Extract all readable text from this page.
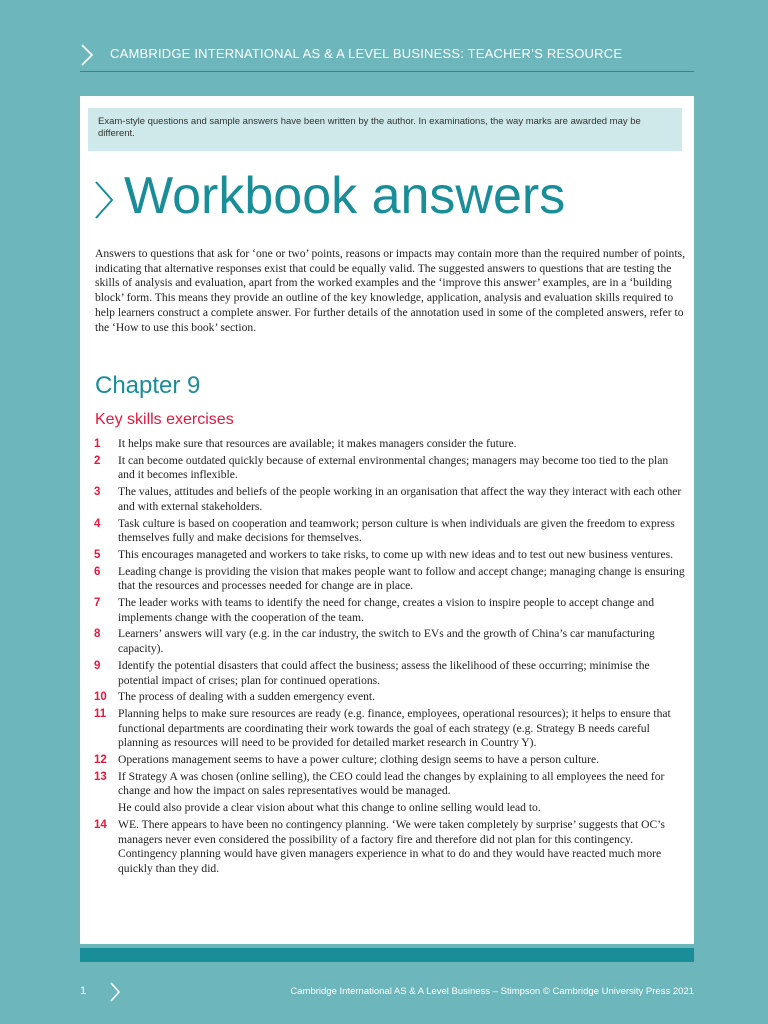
CAMBRIDGE INTERNATIONAL AS & A LEVEL BUSINESS: TEACHER’S RESOURCE
Exam-style questions and sample answers have been written by the author. In examinations, the way marks are awarded may be different.
Workbook answers

Answers to questions that ask for ‘one or two’ points, reasons or impacts may contain more than the required number of points, indicating that alternative responses exist that could be equally valid. The suggested answers to questions that are testing the skills of analysis and evaluation, apart from the worked examples and the ‘improve this answer’ examples, are in a ‘building block’ form. This means they provide an outline of the key knowledge, application, analysis and evaluation skills required to help learners construct a complete answer. For further details of the annotation used in some of the completed answers, refer to the ‘How to use this book’ section.

Chapter 9
Key skills exercises
1 It helps make sure that resources are available; it makes managers consider the future.
2 It can become outdated quickly because of external environmental changes; managers may become too tied to the plan and it becomes inflexible.
3 The values, attitudes and beliefs of the people working in an organisation that affect the way they interact with each other and with external stakeholders.
4 Task culture is based on cooperation and teamwork; person culture is when individuals are given the freedom to express themselves fully and make decisions for themselves.
5 This encourages manageted and workers to take risks, to come up with new ideas and to test out new business ventures.
6 Leading change is providing the vision that makes people want to follow and accept change; managing change is ensuring that the resources and processes needed for change are in place.
7 The leader works with teams to identify the need for change, creates a vision to inspire people to accept change and implements change with the cooperation of the team.
8 Learners’ answers will vary (e.g. in the car industry, the switch to EVs and the growth of China’s car manufacturing capacity).
9 Identify the potential disasters that could affect the business; assess the likelihood of these occurring; minimise the potential impact of crises; plan for continued operations.
10 The process of dealing with a sudden emergency event.
11 Planning helps to make sure resources are ready (e.g. finance, employees, operational resources); it helps to ensure that functional departments are coordinating their work towards the goal of each strategy (e.g. Strategy B needs careful planning as resources will need to be provided for detailed market research in Country Y).
12 Operations management seems to have a power culture; clothing design seems to have a person culture.
13 If Strategy A was chosen (online selling), the CEO could lead the changes by explaining to all employees the need for change and how the impact on sales representatives would be managed.
He could also provide a clear vision about what this change to online selling would lead to.
14 WE. There appears to have been no contingency planning. ‘We were taken completely by surprise’ suggests that OC’s managers never even considered the possibility of a factory fire and therefore did not plan for this contingency. Contingency planning would have given managers experience in what to do and they would have reacted much more quickly than they did.
1	Cambridge International AS & A Level Business – Stimpson © Cambridge University Press 2021
